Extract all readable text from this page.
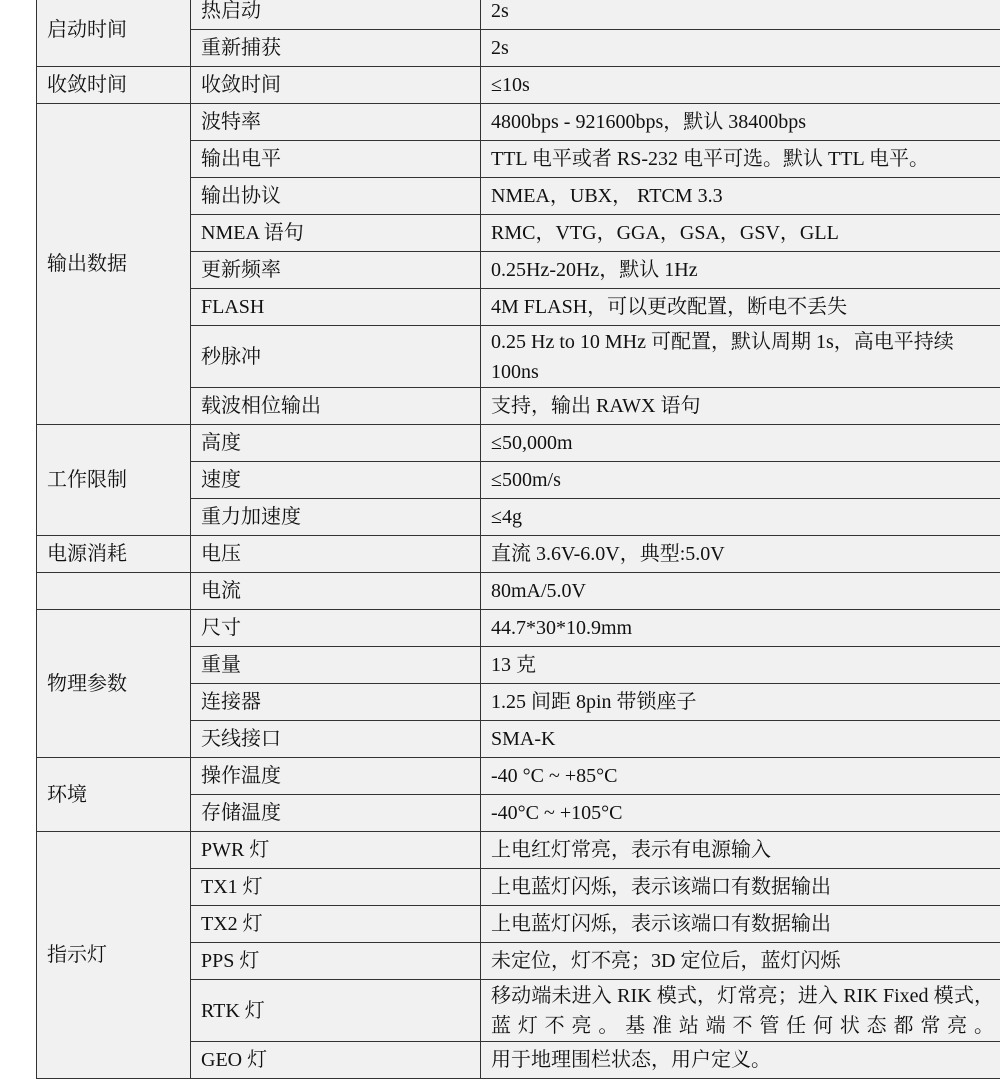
启动时间	热启动	2s
	重新捕获	2s
收敛时间	收敛时间	≤10s
输出数据	波特率	4800bps - 921600bps，默认 38400bps
	输出电平	TTL 电平或者 RS-232 电平可选。默认 TTL 电平。
	输出协议	NMEA，UBX， RTCM 3.3
	NMEA 语句	RMC，VTG，GGA，GSA，GSV，GLL
	更新频率	0.25Hz-20Hz，默认 1Hz
	FLASH	4M FLASH，可以更改配置，断电不丢失
	秒脉冲	0.25 Hz to 10 MHz 可配置，默认周期 1s，高电平持续 100ns
	载波相位输出	支持，输出 RAWX 语句
工作限制	高度	≤50,000m
	速度	≤500m/s
	重力加速度	≤4g
电源消耗	电压	直流 3.6V-6.0V，典型:5.0V
	电流	80mA/5.0V
物理参数	尺寸	44.7*30*10.9mm
	重量	13 克
	连接器	1.25 间距 8pin 带锁座子
	天线接口	SMA-K
环境	操作温度	-40 °C ~ +85°C
	存储温度	-40°C ~ +105°C
指示灯	PWR 灯	上电红灯常亮，表示有电源输入
	TX1 灯	上电蓝灯闪烁，表示该端口有数据输出
	TX2 灯	上电蓝灯闪烁，表示该端口有数据输出
	PPS 灯	未定位，灯不亮；3D 定位后，蓝灯闪烁
	RTK 灯	移动端未进入 RIK 模式，灯常亮；进入 RIK Fixed 模式，蓝灯不亮。基准站端不管任何状态都常亮。
	GEO 灯	用于地理围栏状态，用户定义。
